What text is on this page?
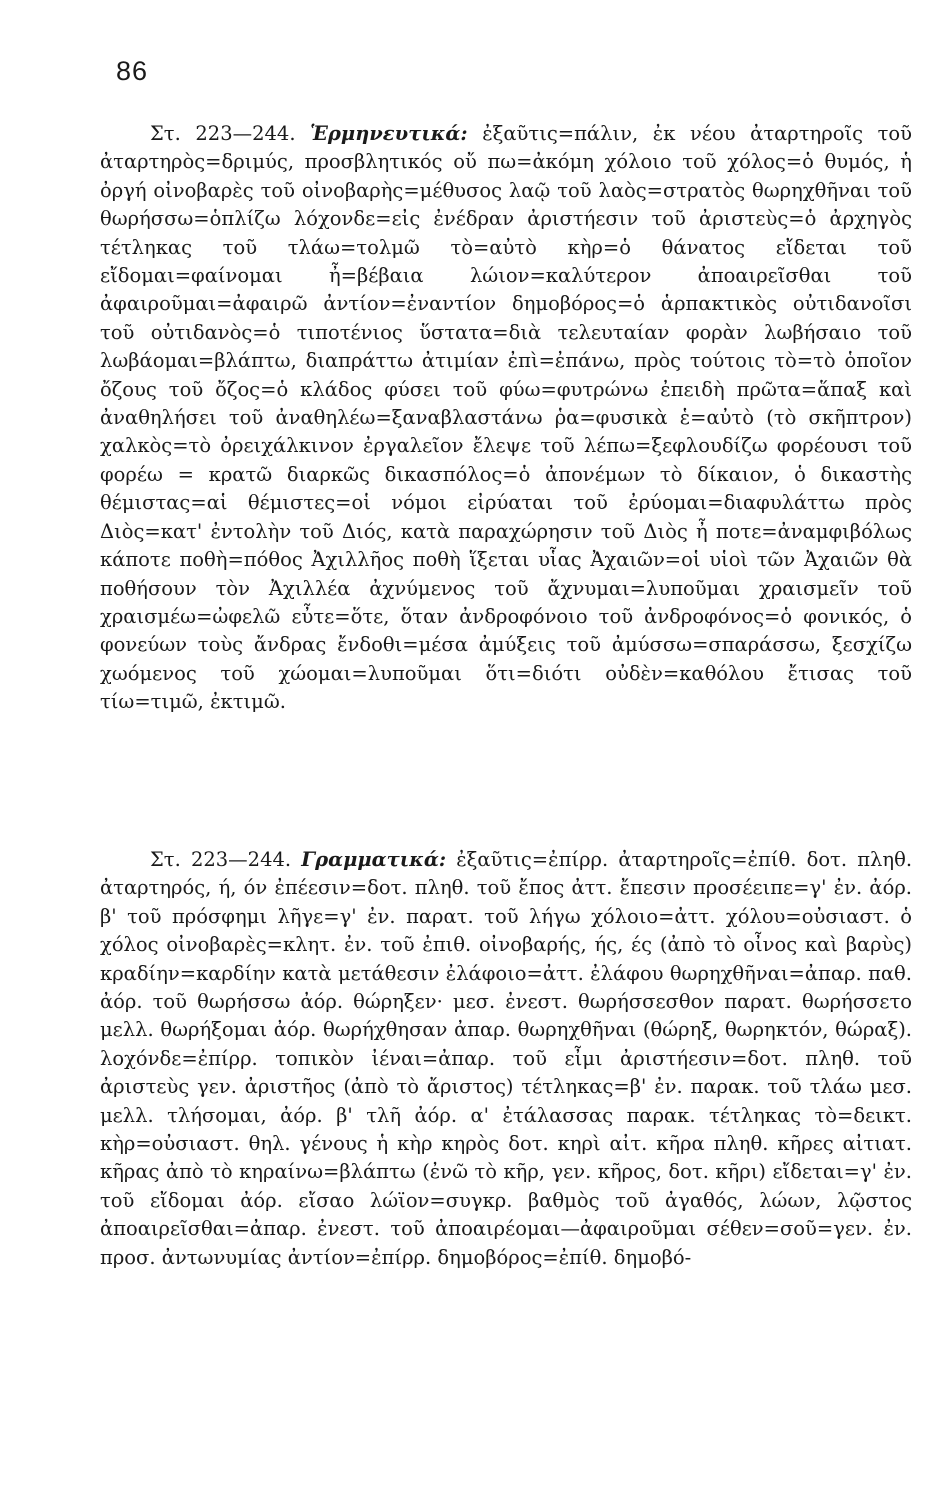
86

Στ. 223—244. Ἑρμηνευτικά: ἐξαῦτις=πάλιν, ἐκ νέου ἀταρτηροῖς τοῦ ἀταρτηρὸς=δριμύς, προσβλητικός οὔ πω=ἀκόμη χόλοιο τοῦ χόλος=ὁ θυμός, ἡ ὀργή οἰνοβαρὲς τοῦ οἰνοβαρὴς=μέθυσος λαῷ τοῦ λαὸς=στρατὸς θωρηχθῆναι τοῦ θωρήσσω=ὁπλίζω λόχονδε=εἰς ἐνέδραν ἀριστήεσιν τοῦ ἀριστεὺς=ὁ ἀρχηγὸς τέτληκας τοῦ τλάω=τολμῶ τὸ=αὐτὸ κὴρ=ὁ θάνατος εἴδεται τοῦ εἴδομαι=φαίνομαι ἦ=βέβαια λώιον=καλύτερον ἀποαιρεῖσθαι τοῦ ἀφαιροῦμαι=ἀφαιρῶ ἀντίον=ἐναντίον δημοβόρος=ὁ ἁρπακτικὸς οὐτιδανοῖσι τοῦ οὐτιδανὸς=ὁ τιποτένιος ὕστατα=διὰ τελευταίαν φορὰν λωβήσαιο τοῦ λωβάομαι=βλάπτω, διαπράττω ἀτιμίαν ἐπὶ=ἐπάνω, πρὸς τούτοις τὸ=τὸ ὁποῖον ὄζους τοῦ ὄζος=ὁ κλάδος φύσει τοῦ φύω=φυτρώνω ἐπειδὴ πρῶτα=ἅπαξ καὶ ἀναθηλήσει τοῦ ἀναθηλέω=ξαναβλαστάνω ῥα=φυσικὰ ἑ=αὐτὸ (τὸ σκῆπτρον) χαλκὸς=τὸ ὀρειχάλκινον ἐργαλεῖον ἔλεψε τοῦ λέπω=ξεφλουδίζω φορέουσι τοῦ φορέω = κρατῶ διαρκῶς δικασπόλος=ὁ ἀπονέμων τὸ δίκαιον, ὁ δικαστὴς θέμιστας=αἱ θέμιστες=οἱ νόμοι εἰρύαται τοῦ ἐρύομαι=διαφυλάττω πρὸς Διὸς=κατ' ἐντολὴν τοῦ Διός, κατὰ παραχώρησιν τοῦ Διὸς ἦ ποτε=ἀναμφιβόλως κάποτε ποθὴ=πόθος Ἀχιλλῆος ποθὴ ἵξεται υἷας Ἀχαιῶν=οἱ υἱοὶ τῶν Ἀχαιῶν θὰ ποθήσουν τὸν Ἀχιλλέα ἀχνύμενος τοῦ ἄχνυμαι=λυποῦμαι χραισμεῖν τοῦ χραισμέω=ὠφελῶ εὖτε=ὅτε, ὅταν ἀνδροφόνοιο τοῦ ἀνδροφόνος=ὁ φονικός, ὁ φονεύων τοὺς ἄνδρας ἔνδοθι=μέσα ἀμύξεις τοῦ ἀμύσσω=σπαράσσω, ξεσχίζω χωόμενος τοῦ χώομαι=λυποῦμαι ὅτι=διότι οὐδὲν=καθόλου ἔτισας τοῦ τίω=τιμῶ, ἐκτιμῶ.

Στ. 223—244. Γραμματικά: ἐξαῦτις=ἐπίρρ. ἀταρτηροῖς=ἐπίθ. δοτ. πληθ. ἀταρτηρός, ή, όν ἐπέεσιν=δοτ. πληθ. τοῦ ἔπος ἀττ. ἔπεσιν προσέειπε=γ' ἐν. ἀόρ. β' τοῦ πρόσφημι λῆγε=γ' ἐν. παρατ. τοῦ λήγω χόλοιο=ἀττ. χόλου=οὐσιαστ. ὁ χόλος οἰνοβαρὲς=κλητ. ἐν. τοῦ ἐπιθ. οἰνοβαρής, ής, ές (ἀπὸ τὸ οἶνος καὶ βαρὺς) κραδίην=καρδίην κατὰ μετάθεσιν ἐλάφοιο=ἀττ. ἐλάφου θωρηχθῆναι=ἀπαρ. παθ. ἀόρ. τοῦ θωρήσσω ἀόρ. θώρηξεν· μεσ. ἐνεστ. θωρήσσεσθον παρατ. θωρήσσετο μελλ. θωρήξομαι ἀόρ. θωρήχθησαν ἀπαρ. θωρηχθῆναι (θώρηξ, θωρηκτόν, θώραξ). λοχόνδε=ἐπίρρ. τοπικὸν ἰέναι=ἀπαρ. τοῦ εἶμι ἀριστήεσιν=δοτ. πληθ. τοῦ ἀριστεὺς γεν. ἀριστῆος (ἀπὸ τὸ ἄριστος) τέτληκας=β' ἐν. παρακ. τοῦ τλάω μεσ. μελλ. τλήσομαι, ἀόρ. β' τλῆ ἀόρ. α' ἐτάλασσας παρακ. τέτληκας τὸ=δεικτ. κὴρ=οὐσιαστ. θηλ. γένους ἡ κὴρ κηρὸς δοτ. κηρὶ αἰτ. κῆρα πληθ. κῆρες αἰτιατ. κῆρας ἀπὸ τὸ κηραίνω=βλάπτω (ἐνῶ τὸ κῆρ, γεν. κῆρος, δοτ. κῆρι) εἴδεται=γ' ἐν. τοῦ εἴδομαι ἀόρ. εἴσαο λώϊον=συγκρ. βαθμὸς τοῦ ἀγαθός, λώων, λῷστος ἀποαιρεῖσθαι=ἀπαρ. ἐνεστ. τοῦ ἀποαιρέομαι—ἀφαιροῦμαι σέθεν=σοῦ=γεν. ἐν. προσ. ἀντωνυμίας ἀντίον=ἐπίρρ. δημοβόρος=ἐπίθ. δημοβό-
